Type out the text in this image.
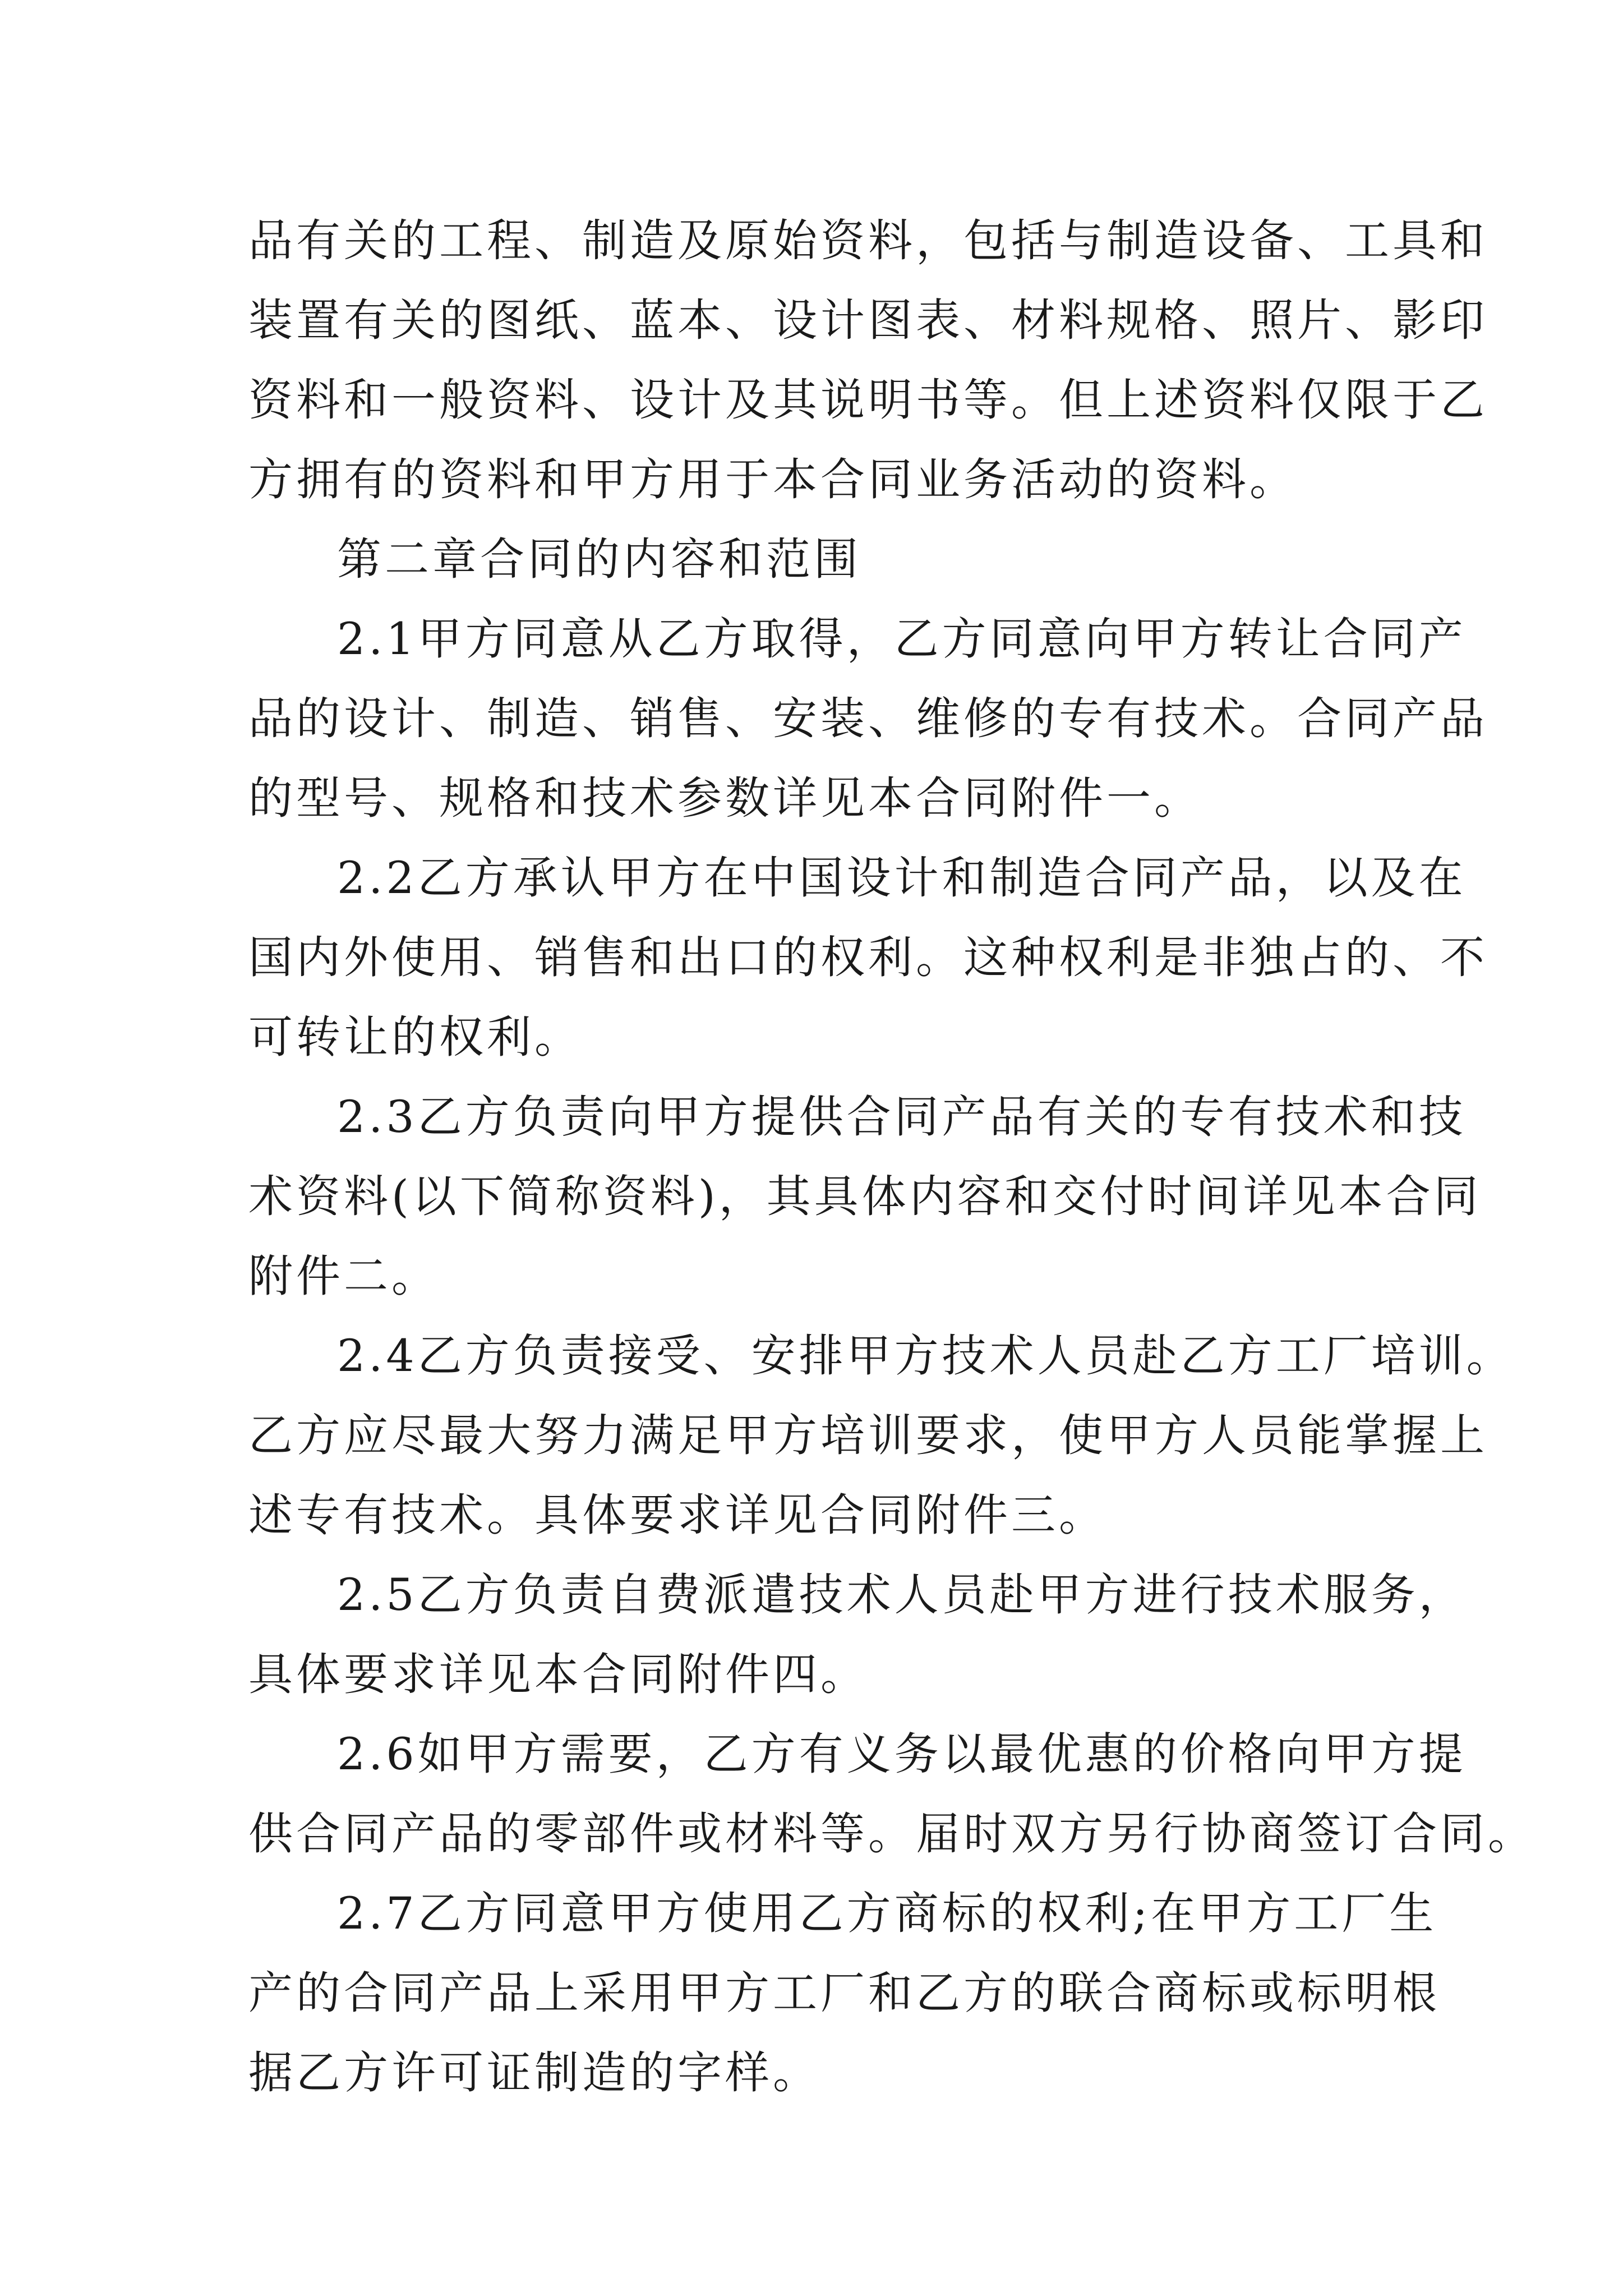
品有关的工程、制造及原始资料，包括与制造设备、工具和
装置有关的图纸、蓝本、设计图表、材料规格、照片、影印
资料和一般资料、设计及其说明书等。但上述资料仅限于乙
方拥有的资料和甲方用于本合同业务活动的资料。
第二章合同的内容和范围
2.1甲方同意从乙方取得，乙方同意向甲方转让合同产
品的设计、制造、销售、安装、维修的专有技术。合同产品
的型号、规格和技术参数详见本合同附件一。
2.2乙方承认甲方在中国设计和制造合同产品，以及在
国内外使用、销售和出口的权利。这种权利是非独占的、不
可转让的权利。
2.3乙方负责向甲方提供合同产品有关的专有技术和技
术资料(以下简称资料)，其具体内容和交付时间详见本合同
附件二。
2.4乙方负责接受、安排甲方技术人员赴乙方工厂培训。
乙方应尽最大努力满足甲方培训要求，使甲方人员能掌握上
述专有技术。具体要求详见合同附件三。
2.5乙方负责自费派遣技术人员赴甲方进行技术服务，
具体要求详见本合同附件四。
2.6如甲方需要，乙方有义务以最优惠的价格向甲方提
供合同产品的零部件或材料等。届时双方另行协商签订合同。
2.7乙方同意甲方使用乙方商标的权利;在甲方工厂生
产的合同产品上采用甲方工厂和乙方的联合商标或标明根
据乙方许可证制造的字样。
